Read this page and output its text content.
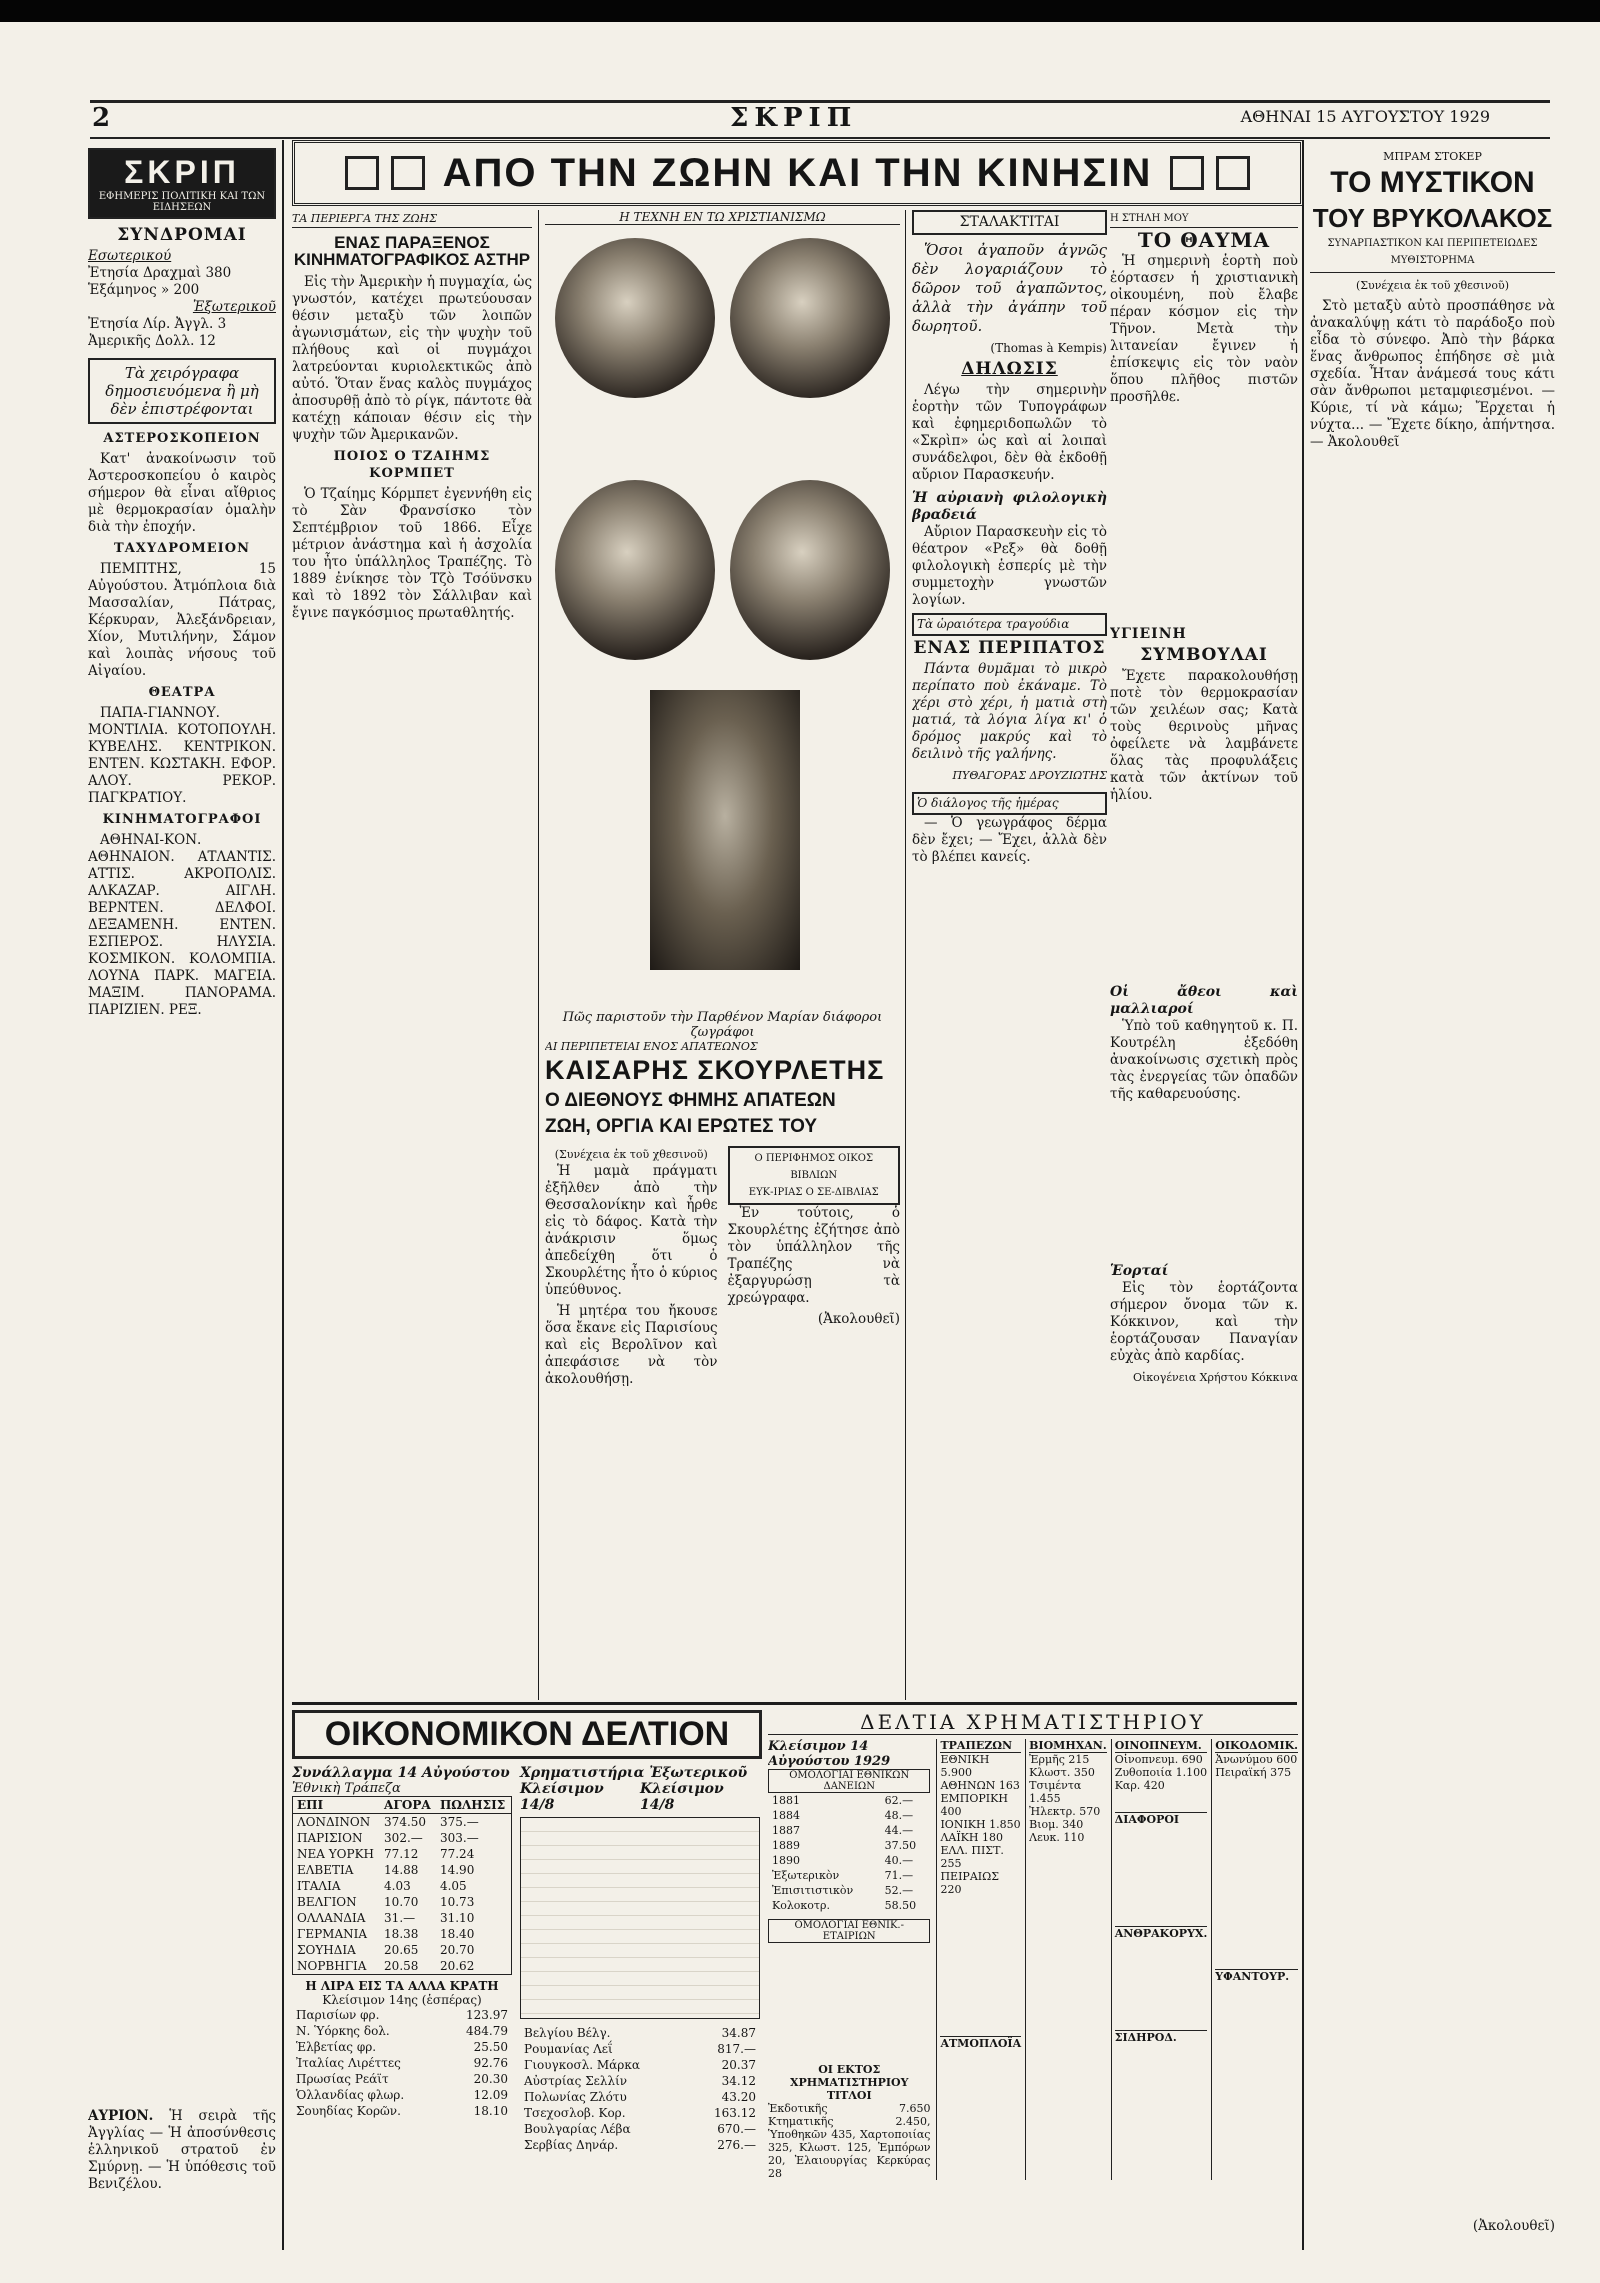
2	ΣΚΡΙΠ	ΑΘΗΝΑΙ 15 ΑΥΓΟΥΣΤΟΥ 1929
ΑΠΟ ΤΗΝ ΖΩΗΝ ΚΑΙ ΤΗΝ ΚΙΝΗΣΙΝ
ΣΚΡΙΠ
ΕΦΗΜΕΡΙΣ ΠΟΛΙΤΙΚΗ ΚΑΙ ΤΩΝ ΕΙΔΗΣΕΩΝ
ΣΥΝΔΡΟΜΑΙ
Εσωτερικού
Ἐτησία Δραχμαὶ 380
Ἑξάμηνος » 200
Ἐξωτερικοῦ
Ἐτησία Λίρ. Ἀγγλ. 3
Ἀμερικῆς Δολλ. 12
Τὰ χειρόγραφα δημοσιευόμενα ἢ μὴ δὲν ἐπιστρέφονται
ΑΣΤΕΡΟΣΚΟΠΕΙΟΝ

Κατ' ἀνακοίνωσιν τοῦ Ἀστεροσκοπείου ὁ καιρὸς σήμερον θὰ εἶναι αἴθριος μὲ θερμοκρασίαν ὁμαλὴν διὰ τὴν ἐποχήν.

ΤΑΧΥΔΡΟΜΕΙΟΝ

ΠΕΜΠΤΗΣ, 15 Αὐγούστου. Ἀτμόπλοια διὰ Μασσαλίαν, Πάτρας, Κέρκυραν, Ἀλεξάνδρειαν, Χίον, Μυτιλήνην, Σάμον καὶ λοιπὰς νήσους τοῦ Αἰγαίου.

ΘΕΑΤΡΑ

ΠΑΠΑ-ΓΙΑΝΝΟΥ. ΜΟΝΤΙΛΙΑ. ΚΟΤΟΠΟΥΛΗ. ΚΥΒΕΛΗΣ. ΚΕΝΤΡΙΚΟΝ. ΕΝΤΕΝ. ΚΩΣΤΑΚΗ. ΕΦΟΡ. ΑΛΟΥ. ΡΕΚΟΡ. ΠΑΓΚΡΑΤΙΟΥ.

ΚΙΝΗΜΑΤΟΓΡΑΦΟΙ

ΑΘΗΝΑΙ-ΚΟΝ. ΑΘΗΝΑΙΟΝ. ΑΤΛΑΝΤΙΣ. ΑΤΤΙΣ. ΑΚΡΟΠΟΛΙΣ. ΑΛΚΑΖΑΡ. ΑΙΓΛΗ. ΒΕΡΝΤΕΝ. ΔΕΛΦΟΙ. ΔΕΞΑΜΕΝΗ. ΕΝΤΕΝ. ΕΣΠΕΡΟΣ. ΗΛΥΣΙΑ. ΚΟΣΜΙΚΟΝ. ΚΟΛΟΜΠΙΑ. ΛΟΥΝΑ ΠΑΡΚ. ΜΑΓΕΙΑ. ΜΑΞΙΜ. ΠΑΝΟΡΑΜΑ. ΠΑΡΙΖΙΕΝ. ΡΕΞ.

ΑΥΡΙΟΝ. Ἡ σειρὰ τῆς Ἀγγλίας — Ἡ ἀποσύνθεσις ἑλληνικοῦ στρατοῦ ἐν Σμύρνῃ. — Ἡ ὑπόθεσις τοῦ Βενιζέλου.
ΤΑ ΠΕΡΙΕΡΓΑ ΤΗΣ ΖΩΗΣ
ΕΝΑΣ ΠΑΡΑΞΕΝΟΣ ΚΙΝΗΜΑΤΟΓΡΑΦΙΚΟΣ ΑΣΤΗΡ

Εἰς τὴν Ἀμερικὴν ἡ πυγμαχία, ὡς γνωστόν, κατέχει πρωτεύουσαν θέσιν μεταξὺ τῶν λοιπῶν ἀγωνισμάτων, εἰς τὴν ψυχὴν τοῦ πλήθους καὶ οἱ πυγμάχοι λατρεύονται κυριολεκτικῶς ἀπὸ αὐτό. Ὅταν ἕνας καλὸς πυγμάχος ἀποσυρθῇ ἀπὸ τὸ ρίγκ, πάντοτε θὰ κατέχῃ κάποιαν θέσιν εἰς τὴν ψυχὴν τῶν Ἀμερικανῶν.

ΠΟΙΟΣ Ο ΤΖΑΙΗΜΣ ΚΟΡΜΠΕΤ

Ὁ Τζαίημς Κόρμπετ ἐγεννήθη εἰς τὸ Σὰν Φρανσίσκο τὸν Σεπτέμβριον τοῦ 1866. Εἶχε μέτριον ἀνάστημα καὶ ἡ ἀσχολία του ἦτο ὑπάλληλος Τραπέζης. Τὸ 1889 ἐνίκησε τὸν Τζὸ Τσόϋνσκυ καὶ τὸ 1892 τὸν Σάλλιβαν καὶ ἔγινε παγκόσμιος πρωταθλητής.

Η ΤΕΧΝΗ ΕΝ ΤΩ ΧΡΙΣΤΙΑΝΙΣΜΩ
Πῶς παριστοῦν τὴν Παρθένον Μαρίαν διάφοροι ζωγράφοι
ΑΙ ΠΕΡΙΠΕΤΕΙΑΙ ΕΝΟΣ ΑΠΑΤΕΩΝΟΣ
ΚΑΙΣΑΡΗΣ ΣΚΟΥΡΛΕΤΗΣ
Ο ΔΙΕΘΝΟΥΣ ΦΗΜΗΣ ΑΠΑΤΕΩΝ
ΖΩΗ, ΟΡΓΙΑ ΚΑΙ ΕΡΩΤΕΣ ΤΟΥ
(Συνέχεια ἐκ τοῦ χθεσινοῦ)

Ἡ μαμὰ πράγματι ἐξῆλθεν ἀπὸ τὴν Θεσσαλονίκην καὶ ἦρθε εἰς τὸ δάφος. Κατὰ τὴν ἀνάκρισιν ὅμως ἀπεδείχθη ὅτι ὁ Σκουρλέτης ἦτο ὁ κύριος ὑπεύθυνος.

Ἡ μητέρα του ἤκουσε ὅσα ἔκανε εἰς Παρισίους καὶ εἰς Βερολῖνον καὶ ἀπεφάσισε νὰ τὸν ἀκολουθήσῃ.

Ο ΠΕΡΙΦΗΜΟΣ ΟΙΚΟΣ ΒΙΒΛΙΩΝ
ΕΥΚ-ΙΡΙΑΣ Ο ΣΕ-ΔΙΒΛΙΑΣ

Ἐν τούτοις, ὁ Σκουρλέτης ἐζήτησε ἀπὸ τὸν ὑπάλληλον τῆς Τραπέζης νὰ ἐξαργυρώσῃ τὰ χρεώγραφα.

(Ἀκολουθεῖ)
ΣΤΑΛΑΚΤΙΤΑΙ

Ὅσοι ἀγαποῦν ἀγνῶς δὲν λογαριάζουν τὸ δῶρον τοῦ ἀγαπῶντος, ἀλλὰ τὴν ἀγάπην τοῦ δωρητοῦ.

(Thomas à Kempis)
ΔΗΛΩΣΙΣ

Λέγω τὴν σημερινὴν ἑορτὴν τῶν Τυπογράφων καὶ ἐφημεριδοπωλῶν τὸ «Σκρὶπ» ὡς καὶ αἱ λοιπαὶ συνάδελφοι, δὲν θὰ ἐκδοθῇ αὔριον Παρασκευήν.

Ἡ αὐριανὴ φιλολογικὴ βραδειά

Αὔριον Παρασκευὴν εἰς τὸ θέατρον «Ρεξ» θὰ δοθῇ φιλολογικὴ ἑσπερίς μὲ τὴν συμμετοχὴν γνωστῶν λογίων.

Τὰ ὡραιότερα τραγούδια
ΕΝΑΣ ΠΕΡΙΠΑΤΟΣ

Πάντα θυμᾶμαι τὸ μικρὸ περίπατο ποὺ ἐκάναμε. Τὸ χέρι στὸ χέρι, ἡ ματιὰ στὴ ματιά, τὰ λόγια λίγα κι' ὁ δρόμος μακρύς καὶ τὸ δειλινὸ τῆς γαλήνης.

ΠΥΘΑΓΟΡΑΣ ΔΡΟΥΖΙΩΤΗΣ
Ὁ διάλογος τῆς ἡμέρας

— Ὁ γεωγράφος δέρμα δὲν ἔχει; — Ἔχει, ἀλλὰ δὲν τὸ βλέπει κανείς.

Η ΣΤΗΛΗ ΜΟΥ
ΤΟ ΘΑΥΜΑ

Ἡ σημερινὴ ἑορτὴ ποὺ ἑόρτασεν ἡ χριστιανικὴ οἰκουμένη, ποὺ ἔλαβε πέραν κόσμον εἰς τὴν Τῆνον. Μετὰ τὴν λιτανείαν ἔγινεν ἡ ἐπίσκεψις εἰς τὸν ναὸν ὅπου πλῆθος πιστῶν προσῆλθε.

ΥΓΙΕΙΝΗ
ΣΥΜΒΟΥΛΑΙ

Ἔχετε παρακολουθήσῃ ποτὲ τὸν θερμοκρασίαν τῶν χειλέων σας; Κατὰ τοὺς θερινοὺς μῆνας ὀφείλετε νὰ λαμβάνετε ὅλας τὰς προφυλάξεις κατὰ τῶν ἀκτίνων τοῦ ἡλίου.

Οἱ ἄθεοι καὶ μαλλιαροί

Ὑπὸ τοῦ καθηγητοῦ κ. Π. Κουτρέλη ἐξεδόθη ἀνακοίνωσις σχετικὴ πρὸς τὰς ἐνεργείας τῶν ὀπαδῶν τῆς καθαρευούσης.

Ἑορταί

Εἰς τὸν ἑορτάζοντα σήμερον ὄνομα τῶν κ. Κόκκινον, καὶ τὴν ἑορτάζουσαν Παναγίαν εὐχὰς ἀπὸ καρδίας.

Οἰκογένεια Χρήστου Κόκκινα
ΜΠΡΑΜ ΣΤΟΚΕΡ
ΤΟ ΜΥΣΤΙΚΟΝ
ΤΟΥ ΒΡΥΚΟΛΑΚΟΣ
ΣΥΝΑΡΠΑΣΤΙΚΟΝ ΚΑΙ ΠΕΡΙΠΕΤΕΙΩΔΕΣ ΜΥΘΙΣΤΟΡΗΜΑ
(Συνέχεια ἐκ τοῦ χθεσινοῦ)

Στὸ μεταξὺ αὐτὸ προσπάθησε νὰ ἀνακαλύψῃ κάτι τὸ παράδοξο ποὺ εἶδα τὸ σύνεφο. Ἀπὸ τὴν βάρκα ἕνας ἄνθρωπος ἐπήδησε σὲ μιὰ σχεδία. Ἦταν ἀνάμεσά τους κάτι σὰν ἄνθρωποι μεταμφιεσμένοι. — Κύριε, τί νὰ κάμω; Ἔρχεται ἡ νύχτα... — Ἔχετε δίκηο, ἀπήντησα. — Ἀκολουθεῖ

(Ἀκολουθεῖ)
ΟΙΚΟΝΟΜΙΚΟΝ ΔΕΛΤΙΟΝ
Συνάλλαγμα 14 Αὐγούστου
Ἐθνικὴ Τράπεζα
ΕΠΙ	ΑΓΟΡΑ	ΠΩΛΗΣΙΣ
ΛΟΝΔΙΝΟΝ	374.50	375.—
ΠΑΡΙΣΙΟΝ	302.—	303.—
ΝΕΑ ΥΟΡΚΗ	77.12	77.24
ΕΛΒΕΤΙΑ	14.88	14.90
ΙΤΑΛΙΑ	4.03	4.05
ΒΕΛΓΙΟΝ	10.70	10.73
ΟΛΛΑΝΔΙΑ	31.—	31.10
ΓΕΡΜΑΝΙΑ	18.38	18.40
ΣΟΥΗΔΙΑ	20.65	20.70
ΝΟΡΒΗΓΙΑ	20.58	20.62
Η ΛΙΡΑ ΕΙΣ ΤΑ ΑΛΛΑ ΚΡΑΤΗ
Κλείσιμον 14ης (ἑσπέρας)
Παρισίων φρ.	123.97
Ν. Ὑόρκης δολ.	484.79
Ἑλβετίας φρ.	25.50
Ἰταλίας Λιρέττες	92.76
Πρωσίας Ρεάϊτ	20.30
Ὁλλανδίας φλωρ.	12.09
Σουηδίας Κορῶν.	18.10
Χρηματιστήρια Ἐξωτερικοῦ
Κλείσιμον 14/8
Κλείσιμον 14/8
Βελγίου Βέλγ.	34.87
Ρουμανίας Λεΐ	817.—
Γιουγκοσλ. Μάρκα	20.37
Αὐστρίας Σελλίν	34.12
Πολωνίας Ζλότυ	43.20
Τσεχοσλοβ. Κορ.	163.12
Βουλγαρίας Λέβα	670.—
Σερβίας Δηνάρ.	276.—
ΔΕΛΤΙΑ ΧΡΗΜΑΤΙΣΤΗΡΙΟΥ
Κλείσιμον 14 Αὐγούστου 1929
ΟΜΟΛΟΓΙΑΙ ΕΘΝΙΚΩΝ ΔΑΝΕΙΩΝ
1881	62.—
1884	48.—
1887	44.—
1889	37.50
1890	40.—
Ἐξωτερικὸν	71.—
Ἐπισιτιστικὸν	52.—
Κολοκοτρ.	58.50
ΟΜΟΛΟΓΙΑΙ ΕΘΝΙΚ.-ΕΤΑΙΡΙΩΝ
ΟΙ ΕΚΤΟΣ ΧΡΗΜΑΤΙΣΤΗΡΙΟΥ ΤΙΤΛΟΙ
Ἐκδοτικῆς 7.650 Κτηματικῆς 2.450, Ὑποθηκῶν 435, Χαρτοποιίας 325, Κλωστ. 125, Ἐμπόρων 20, Ἐλαιουργίας Κερκύρας 28
ΤΡΑΠΕΖΩΝ
ΕΘΝΙΚΗ 5.900
ΑΘΗΝΩΝ 163
ΕΜΠΟΡΙΚΗ 400
ΙΟΝΙΚΗ 1.850
ΛΑΪΚΗ 180
ΕΛΛ. ΠΙΣΤ. 255
ΠΕΙΡΑΙΩΣ 220
ΑΤΜΟΠΛΟΪΑ
ΒΙΟΜΗΧΑΝ.
Ἐρμῆς 215
Κλωστ. 350
Τσιμέντα 1.455
Ἠλεκτρ. 570
Βιομ. 340
Λευκ. 110
ΟΙΝΟΠΝΕΥΜ.
Οἰνοπνευμ. 690
Ζυθοποιία 1.100
Καρ. 420
ΔΙΑΦΟΡΟΙ
ΑΝΘΡΑΚΟΡΥΧ.
ΣΙΔΗΡΟΔ.
ΟΙΚΟΔΟΜΙΚ.
Ἀνωνύμου 600
Πειραϊκή 375
ΥΦΑΝΤΟΥΡ.
